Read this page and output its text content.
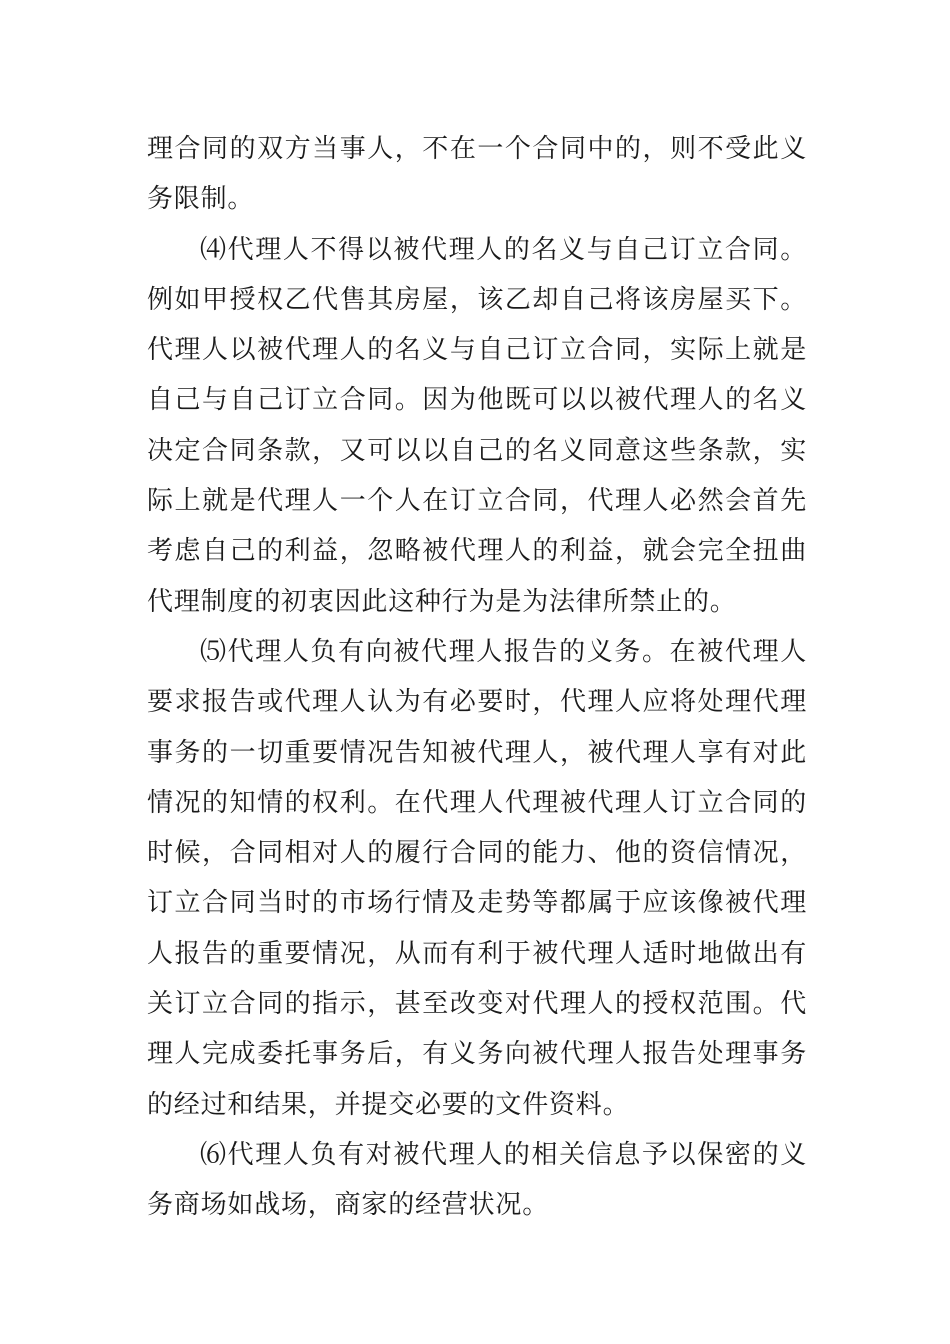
理合同的双方当事人，不在一个合同中的，则不受此义务限制。

⑷代理人不得以被代理人的名义与自己订立合同。例如甲授权乙代售其房屋，该乙却自己将该房屋买下。代理人以被代理人的名义与自己订立合同，实际上就是自己与自己订立合同。因为他既可以以被代理人的名义决定合同条款，又可以以自己的名义同意这些条款，实际上就是代理人一个人在订立合同，代理人必然会首先考虑自己的利益，忽略被代理人的利益，就会完全扭曲代理制度的初衷因此这种行为是为法律所禁止的。

⑸代理人负有向被代理人报告的义务。在被代理人要求报告或代理人认为有必要时，代理人应将处理代理事务的一切重要情况告知被代理人，被代理人享有对此情况的知情的权利。在代理人代理被代理人订立合同的时候，合同相对人的履行合同的能力、他的资信情况，订立合同当时的市场行情及走势等都属于应该像被代理人报告的重要情况，从而有利于被代理人适时地做出有关订立合同的指示，甚至改变对代理人的授权范围。代理人完成委托事务后，有义务向被代理人报告处理事务的经过和结果，并提交必要的文件资料。

⑹代理人负有对被代理人的相关信息予以保密的义务商场如战场，商家的经营状况。
